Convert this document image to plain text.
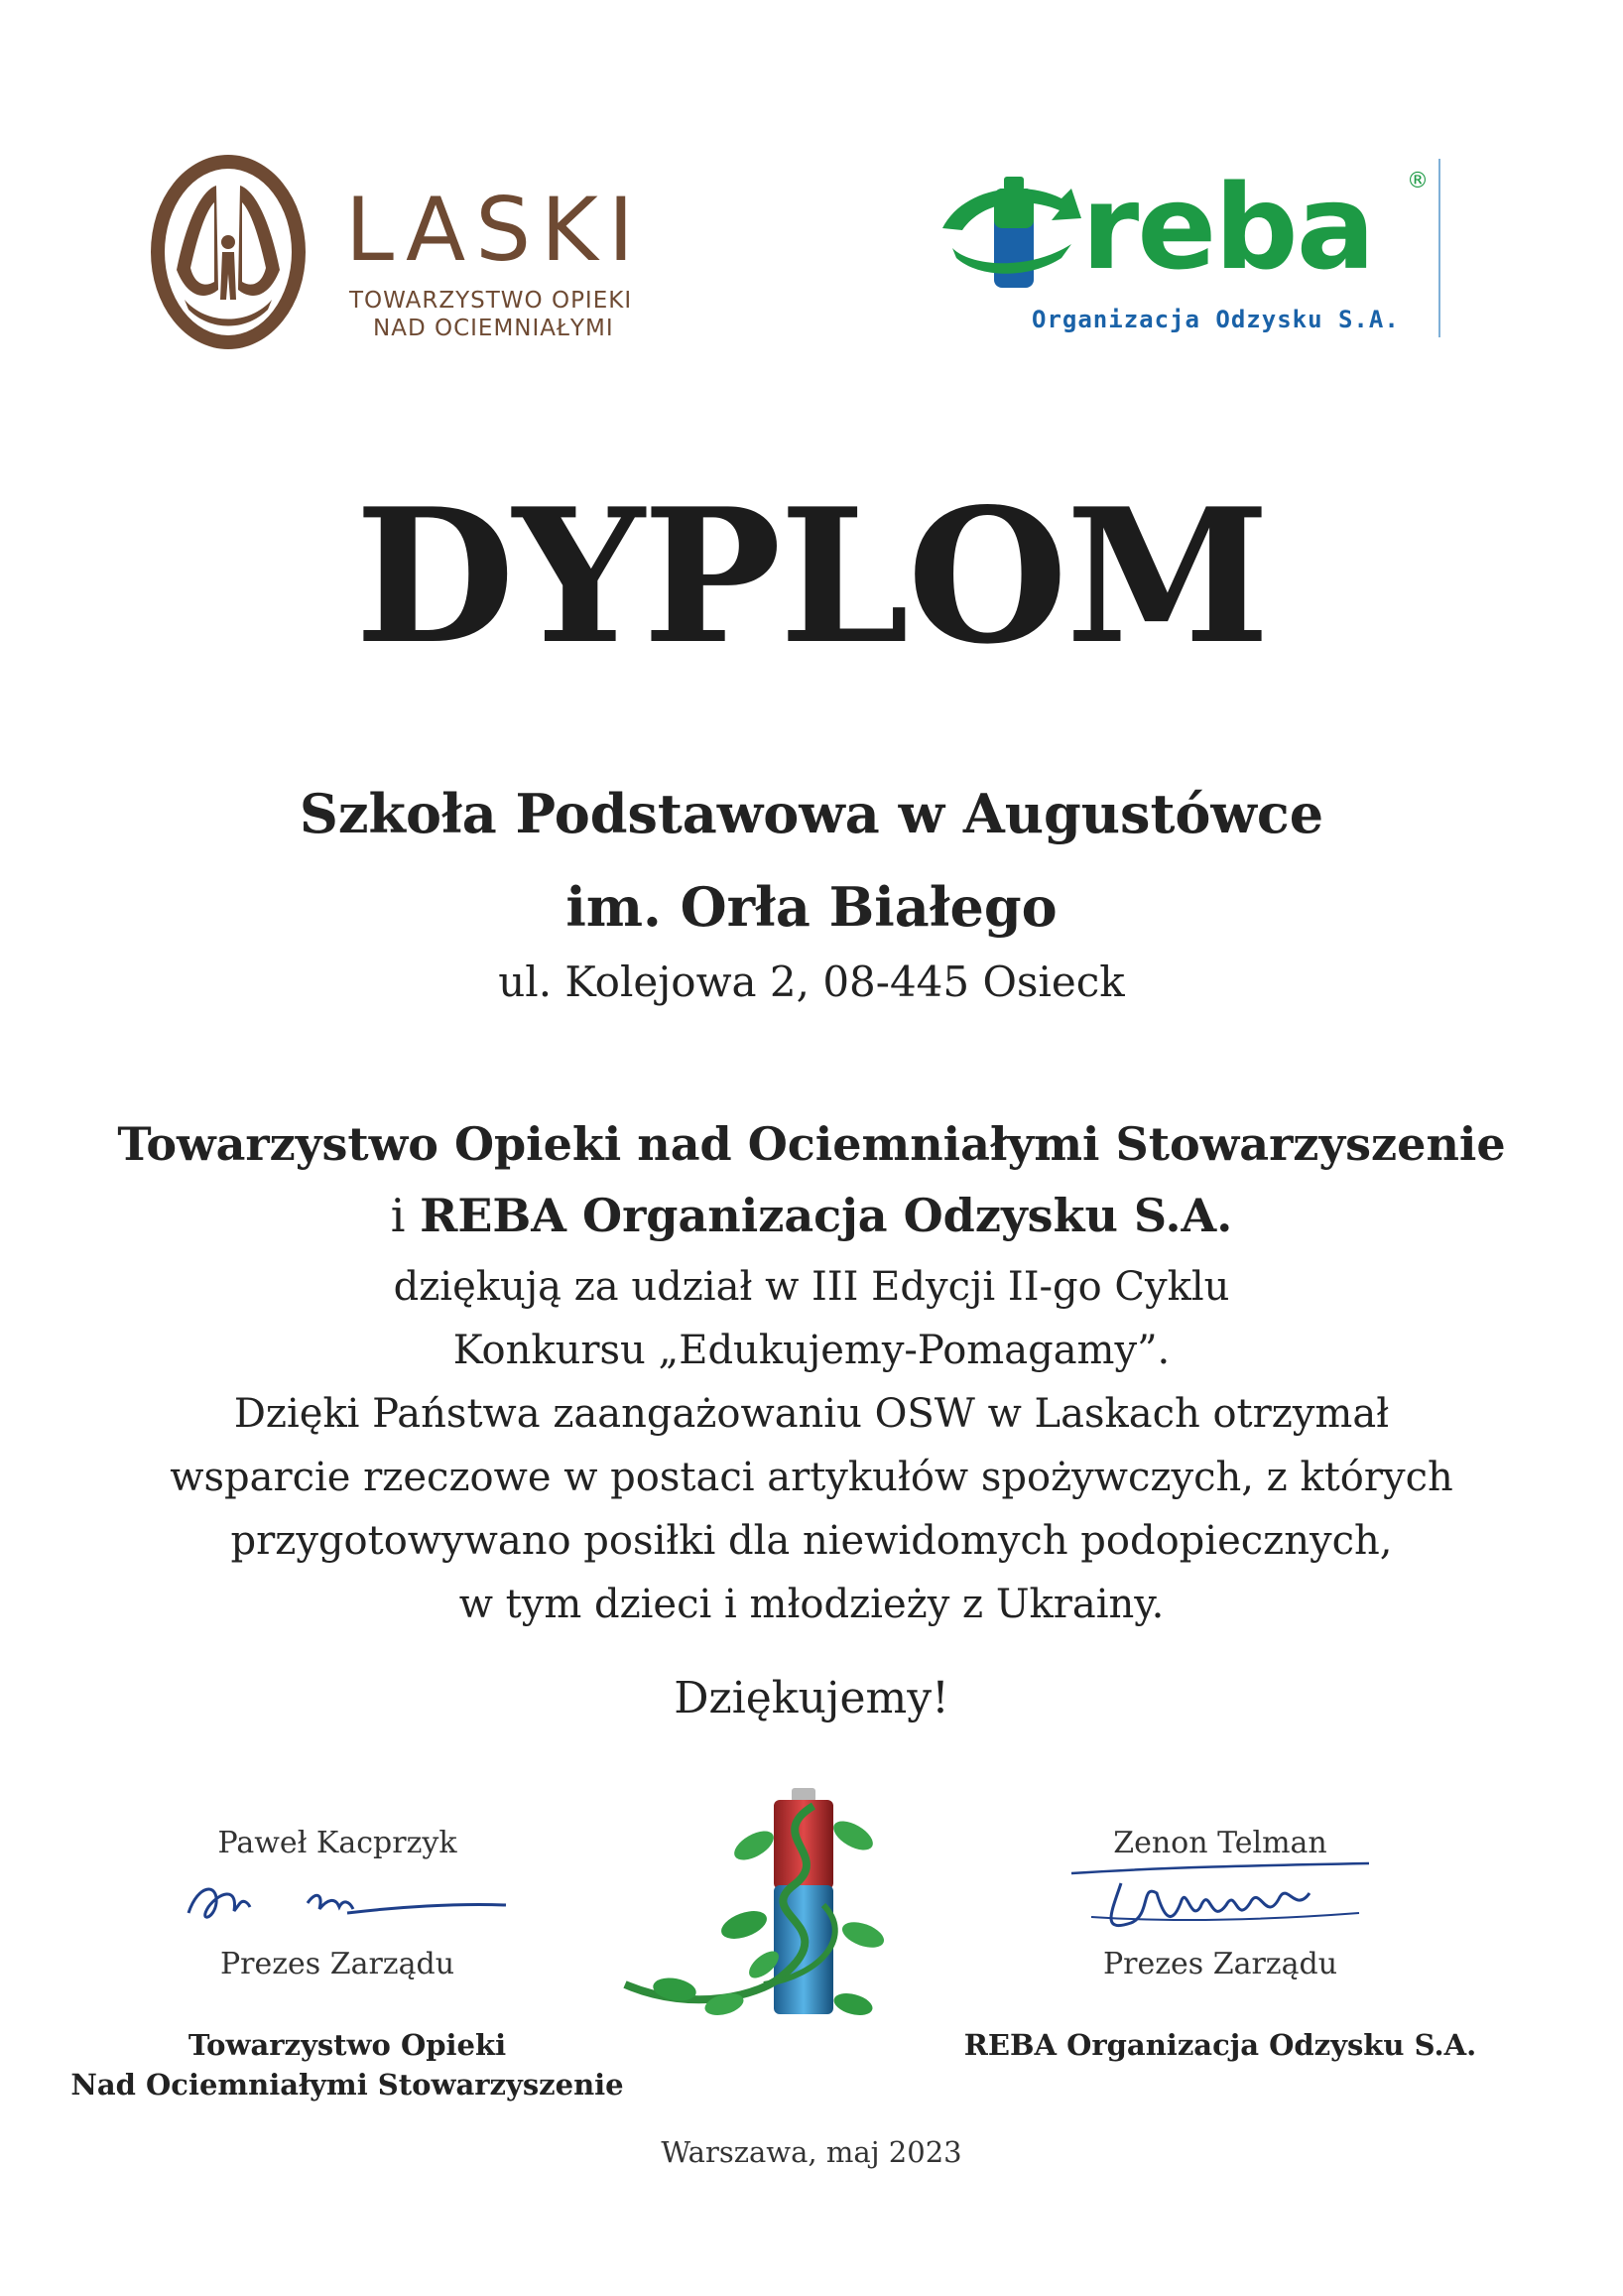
LASKI
TOWARZYSTWO OPIEKI
NAD OCIEMNIAŁYMI
reba ®
Organizacja Odzysku S.A.
DYPLOM
Szkoła Podstawowa w Augustówce
im. Orła Białego
ul. Kolejowa 2, 08-445 Osieck
Towarzystwo Opieki nad Ociemniałymi Stowarzyszenie
i REBA Organizacja Odzysku S.A.
dziękują za udział w III Edycji II-go Cyklu
Konkursu „Edukujemy-Pomagamy”.
Dzięki Państwa zaangażowaniu OSW w Laskach otrzymał
wsparcie rzeczowe w postaci artykułów spożywczych, z których
przygotowywano posiłki dla niewidomych podopiecznych,
w tym dzieci i młodzieży z Ukrainy.
Dziękujemy!
Paweł Kacprzyk
Prezes Zarządu
Towarzystwo Opieki
Nad Ociemniałymi Stowarzyszenie
Zenon Telman
Prezes Zarządu
REBA Organizacja Odzysku S.A.
Warszawa, maj 2023
